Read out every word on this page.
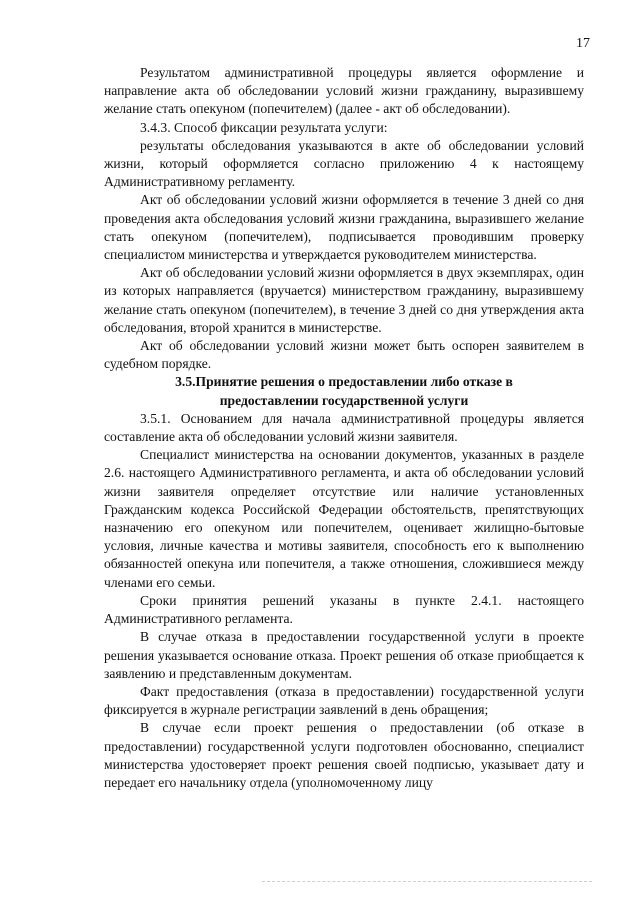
17

Результатом административной процедуры является оформление и направление акта об обследовании условий жизни гражданину, выразившему желание стать опекуном (попечителем) (далее - акт об обследовании).

3.4.3. Способ фиксации результата услуги:

результаты обследования указываются в акте об обследовании условий жизни, который оформляется согласно приложению 4 к настоящему Административному регламенту.

Акт об обследовании условий жизни оформляется в течение 3 дней со дня проведения акта обследования условий жизни гражданина, выразившего желание стать опекуном (попечителем), подписывается проводившим проверку специалистом министерства и утверждается руководителем министерства.

Акт об обследовании условий жизни оформляется в двух экземплярах, один из которых направляется (вручается) министерством гражданину, выразившему желание стать опекуном (попечителем), в течение 3 дней со дня утверждения акта обследования, второй хранится в министерстве.

Акт об обследовании условий жизни может быть оспорен заявителем в судебном порядке.

3.5.Принятие решения о предоставлении либо отказе в предоставлении государственной услуги

3.5.1. Основанием для начала административной процедуры является составление акта об обследовании условий жизни заявителя.

Специалист министерства на основании документов, указанных в разделе 2.6. настоящего Административного регламента, и акта об обследовании условий жизни заявителя определяет отсутствие или наличие установленных Гражданским кодекса Российской Федерации обстоятельств, препятствующих назначению его опекуном или попечителем, оценивает жилищно-бытовые условия, личные качества и мотивы заявителя, способность его к выполнению обязанностей опекуна или попечителя, а также отношения, сложившиеся между членами его семьи.

Сроки принятия решений указаны в пункте 2.4.1. настоящего Административного регламента.

В случае отказа в предоставлении государственной услуги в проекте решения указывается основание отказа. Проект решения об отказе приобщается к заявлению и представленным документам.

Факт предоставления (отказа в предоставлении) государственной услуги фиксируется в журнале регистрации заявлений в день обращения;

В случае если проект решения о предоставлении (об отказе в предоставлении) государственной услуги подготовлен обоснованно, специалист министерства удостоверяет проект решения своей подписью, указывает дату и передает его начальнику отдела (уполномоченному лицу
